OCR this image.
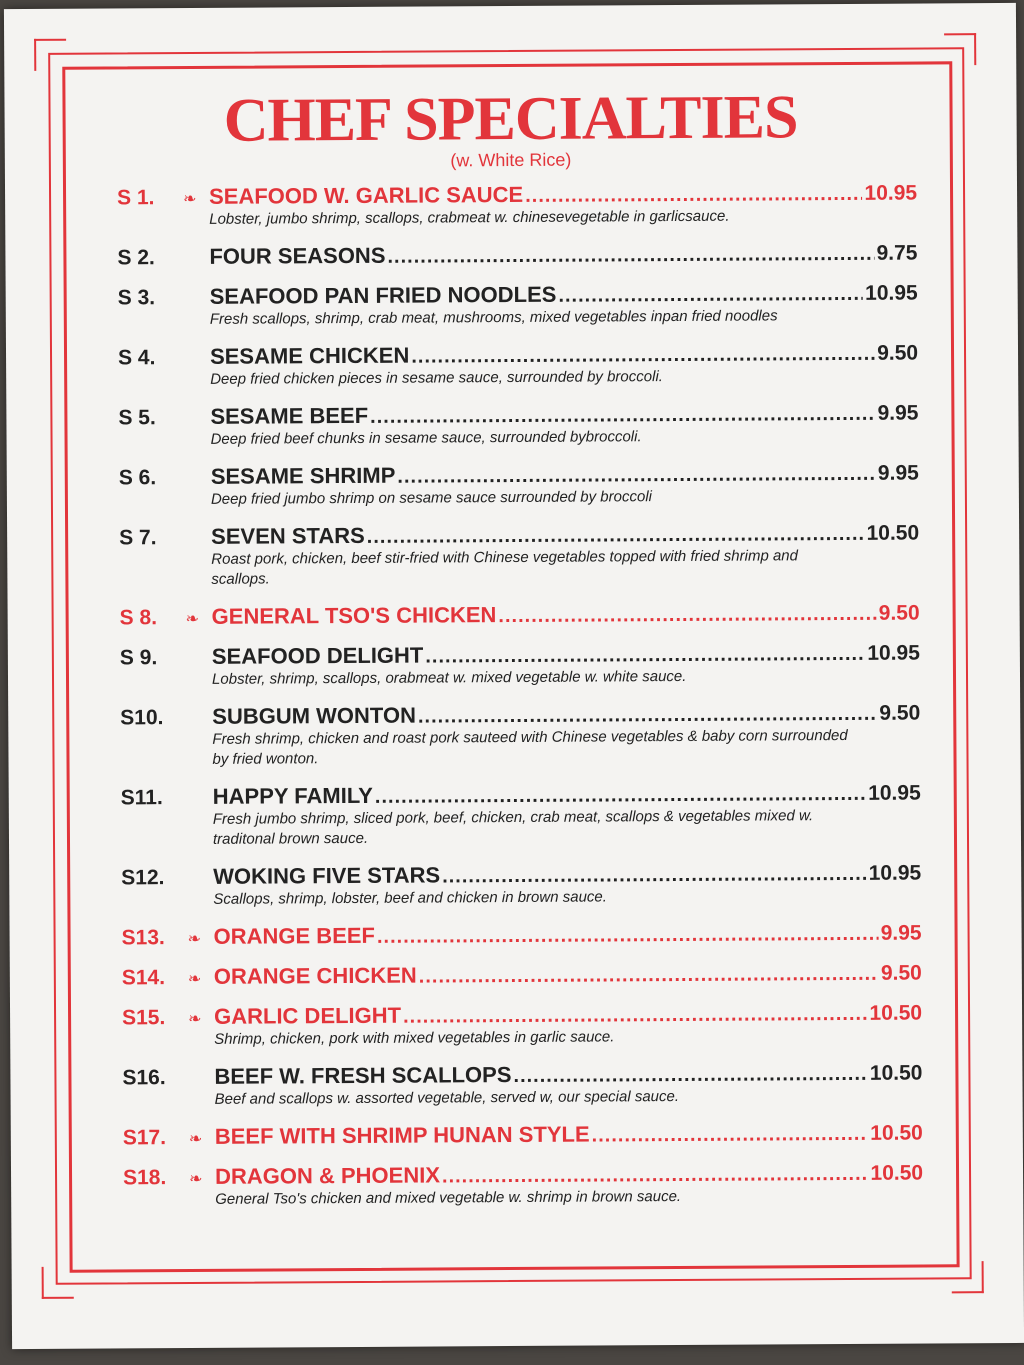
CHEF SPECIALTIES
(w. White Rice)
S 1.	❧ SEAFOOD W. GARLIC SAUCE .....	10.95
Lobster, jumbo shrimp, scallops, crabmeat w. chinesevegetable in garlicsauce.
S 2.	FOUR SEASONS .....	9.75
S 3.	SEAFOOD PAN FRIED NOODLES .....	10.95
Fresh scallops, shrimp, crab meat, mushrooms, mixed vegetables inpan fried noodles
S 4.	SESAME CHICKEN .....	9.50
Deep fried chicken pieces in sesame sauce, surrounded by broccoli.
S 5.	SESAME BEEF .....	9.95
Deep fried beef chunks in sesame sauce, surrounded bybroccoli.
S 6.	SESAME SHRIMP .....	9.95
Deep fried jumbo shrimp on sesame sauce surrounded by broccoli
S 7.	SEVEN STARS .....	10.50
Roast pork, chicken, beef stir-fried with Chinese vegetables topped with fried shrimp and scallops.
S 8.	❧ GENERAL TSO'S CHICKEN .....	9.50
S 9.	SEAFOOD DELIGHT .....	10.95
Lobster, shrimp, scallops, orabmeat w. mixed vegetable w. white sauce.
S10.	SUBGUM WONTON .....	9.50
Fresh shrimp, chicken and roast pork sauteed with Chinese vegetables & baby corn surrounded by fried wonton.
S11.	HAPPY FAMILY .....	10.95
Fresh jumbo shrimp, sliced pork, beef, chicken, crab meat, scallops & vegetables mixed w. traditonal brown sauce.
S12.	WOKING FIVE STARS .....	10.95
Scallops, shrimp, lobster, beef and chicken in brown sauce.
S13.	❧ ORANGE BEEF .....	9.95
S14.	❧ ORANGE CHICKEN .....	9.50
S15.	❧ GARLIC DELIGHT .....	10.50
Shrimp, chicken, pork with mixed vegetables in garlic sauce.
S16.	BEEF W. FRESH SCALLOPS .....	10.50
Beef and scallops w. assorted vegetable, served w, our special sauce.
S17.	❧ BEEF WITH SHRIMP HUNAN STYLE .....	10.50
S18.	❧ DRAGON & PHOENIX .....	10.50
General Tso's chicken and mixed vegetable w. shrimp in brown sauce.
